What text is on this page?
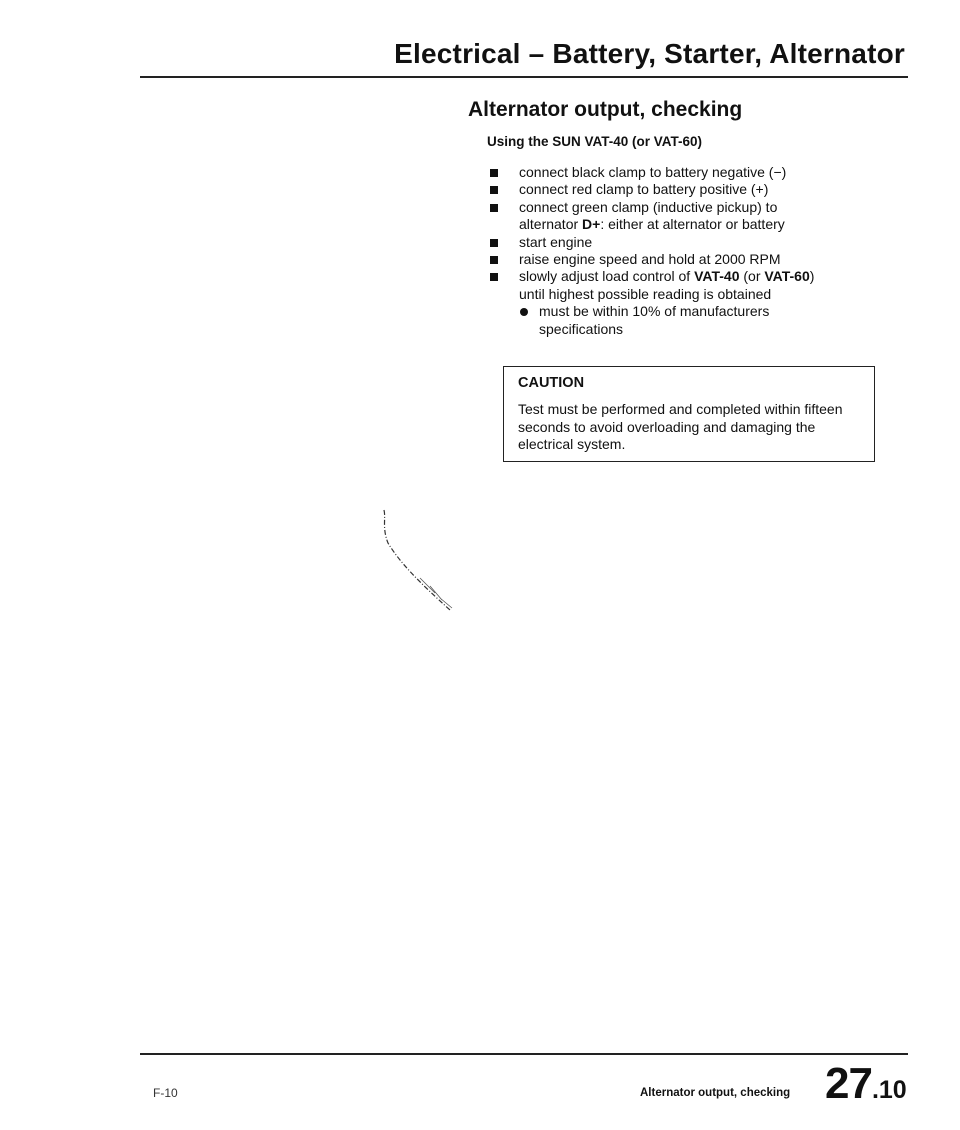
Electrical – Battery, Starter, Alternator
Alternator output, checking
Using the SUN VAT-40 (or VAT-60)
connect black clamp to battery negative (−)
connect red clamp to battery positive (+)
connect green clamp (inductive pickup) to
alternator D+: either at alternator or battery
start engine
raise engine speed and hold at 2000 RPM
slowly adjust load control of VAT-40 (or VAT-60)
until highest possible reading is obtained
must be within 10% of manufacturers
specifications
CAUTION
Test must be performed and completed within fifteen seconds to avoid overloading and damaging the electrical system.
F-10	Alternator output, checking 27.10
